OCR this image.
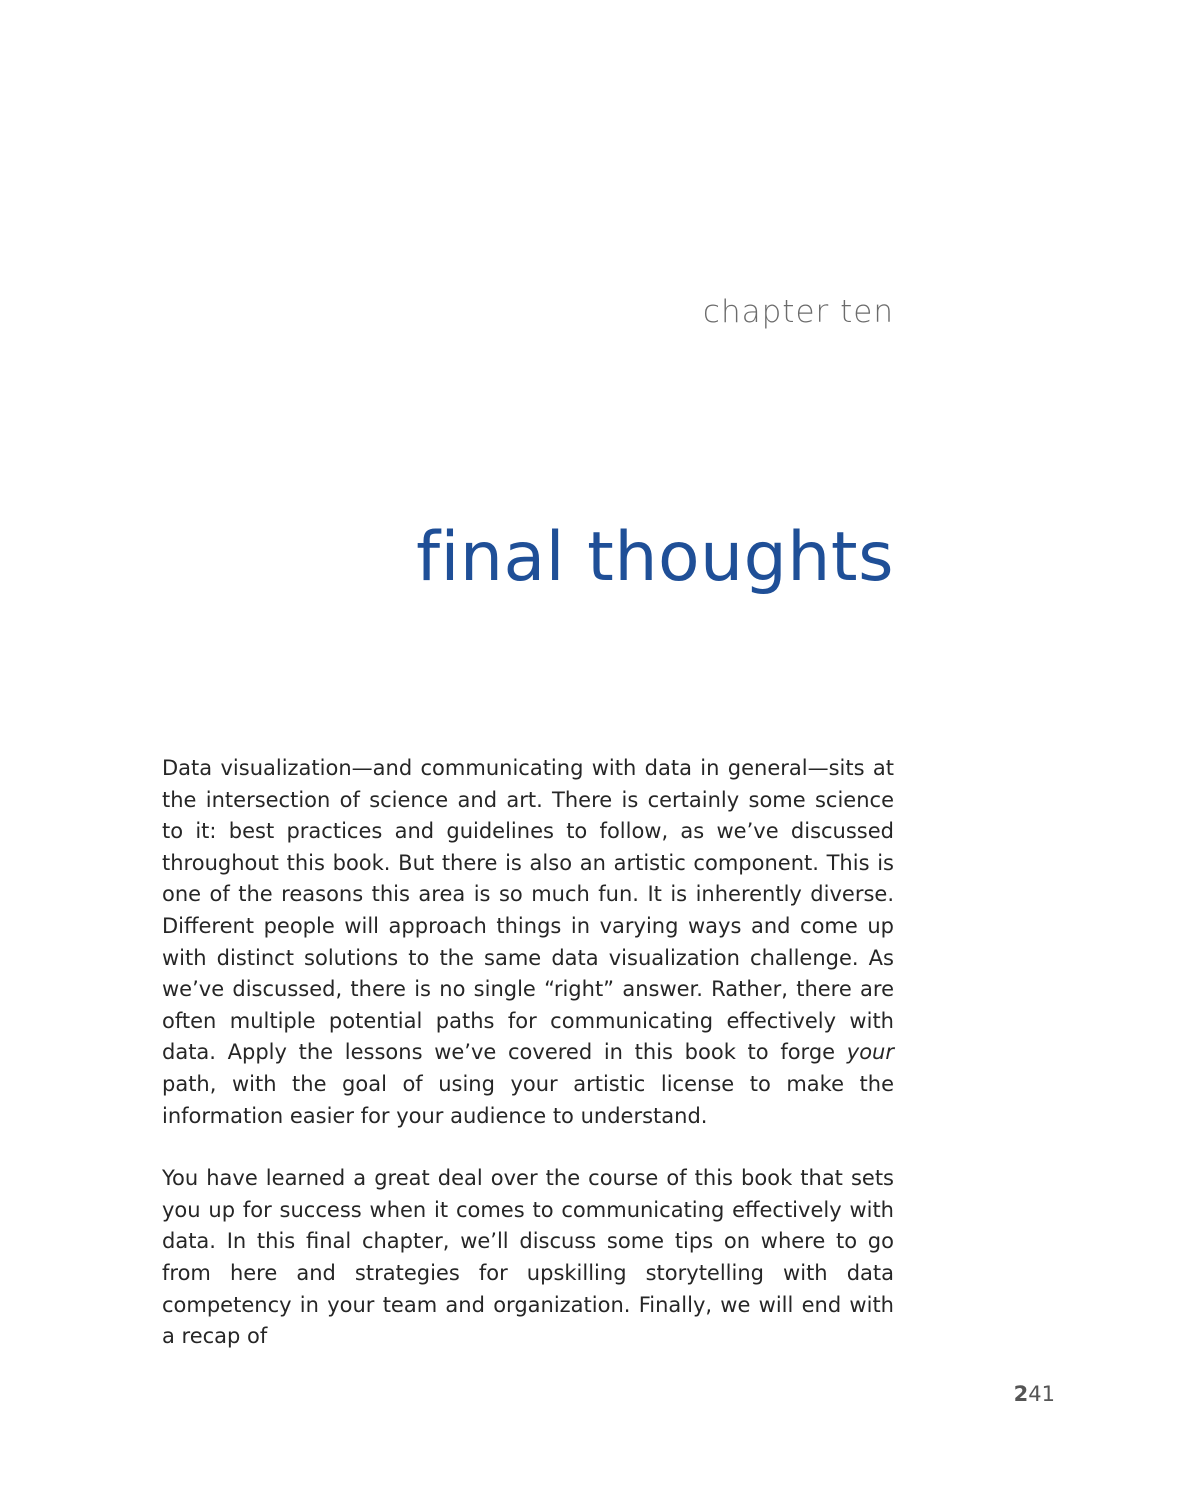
chapter ten
final thoughts

Data visualization—and communicating with data in general—sits at the intersection of science and art. There is certainly some science to it: best practices and guidelines to follow, as we’ve discussed throughout this book. But there is also an artistic component. This is one of the reasons this area is so much fun. It is inherently diverse. Different people will approach things in varying ways and come up with distinct solutions to the same data visualization challenge. As we’ve discussed, there is no single “right” answer. Rather, there are often multiple potential paths for communicating effectively with data. Apply the lessons we’ve covered in this book to forge your path, with the goal of using your artistic license to make the information easier for your audience to understand.

You have learned a great deal over the course of this book that sets you up for success when it comes to communicating effectively with data. In this final chapter, we’ll discuss some tips on where to go from here and strategies for upskilling storytelling with data competency in your team and organization. Finally, we will end with a recap of

241
